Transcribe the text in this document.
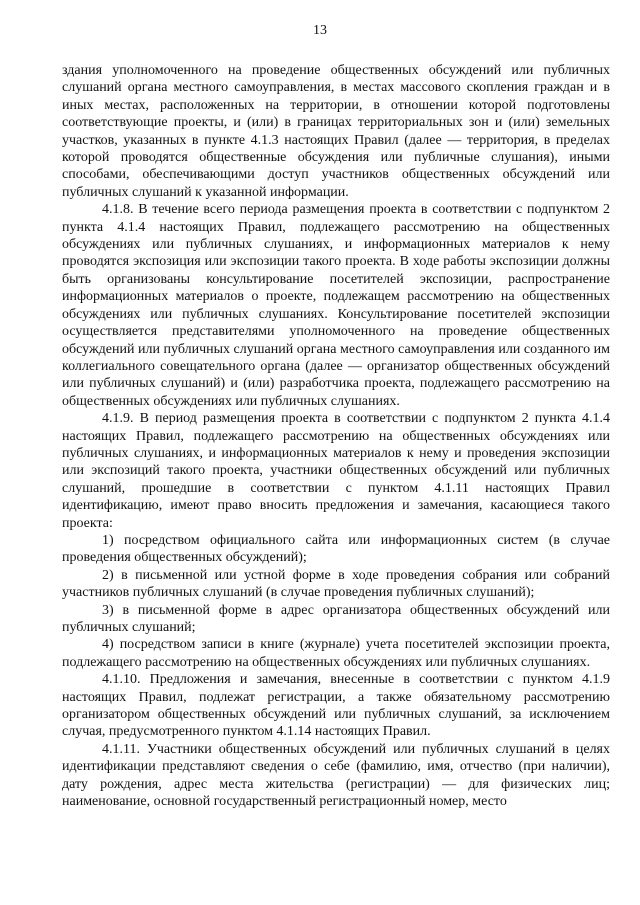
13

здания уполномоченного на проведение общественных обсуждений или публичных слушаний органа местного самоуправления, в местах массового скопления граждан и в иных местах, расположенных на территории, в отношении которой подготовлены соответствующие проекты, и (или) в границах территориальных зон и (или) земельных участков, указанных в пункте 4.1.3 настоящих Правил (далее — территория, в пределах которой проводятся общественные обсуждения или публичные слушания), иными способами, обеспечивающими доступ участников общественных обсуждений или публичных слушаний к указанной информации.

4.1.8. В течение всего периода размещения проекта в соответствии с подпунктом 2 пункта 4.1.4 настоящих Правил, подлежащего рассмотрению на общественных обсуждениях или публичных слушаниях, и информационных материалов к нему проводятся экспозиция или экспозиции такого проекта. В ходе работы экспозиции должны быть организованы консультирование посетителей экспозиции, распространение информационных материалов о проекте, подлежащем рассмотрению на общественных обсуждениях или публичных слушаниях. Консультирование посетителей экспозиции осуществляется представителями уполномоченного на проведение общественных обсуждений или публичных слушаний органа местного самоуправления или созданного им коллегиального совещательного органа (далее — организатор общественных обсуждений или публичных слушаний) и (или) разработчика проекта, подлежащего рассмотрению на общественных обсуждениях или публичных слушаниях.

4.1.9. В период размещения проекта в соответствии с подпунктом 2 пункта 4.1.4 настоящих Правил, подлежащего рассмотрению на общественных обсуждениях или публичных слушаниях, и информационных материалов к нему и проведения экспозиции или экспозиций такого проекта, участники общественных обсуждений или публичных слушаний, прошедшие в соответствии с пунктом 4.1.11 настоящих Правил идентификацию, имеют право вносить предложения и замечания, касающиеся такого проекта:

1) посредством официального сайта или информационных систем (в случае проведения общественных обсуждений);

2) в письменной или устной форме в ходе проведения собрания или собраний участников публичных слушаний (в случае проведения публичных слушаний);

3) в письменной форме в адрес организатора общественных обсуждений или публичных слушаний;

4) посредством записи в книге (журнале) учета посетителей экспозиции проекта, подлежащего рассмотрению на общественных обсуждениях или публичных слушаниях.

4.1.10. Предложения и замечания, внесенные в соответствии с пунктом 4.1.9 настоящих Правил, подлежат регистрации, а также обязательному рассмотрению организатором общественных обсуждений или публичных слушаний, за исключением случая, предусмотренного пунктом 4.1.14 настоящих Правил.

4.1.11. Участники общественных обсуждений или публичных слушаний в целях идентификации представляют сведения о себе (фамилию, имя, отчество (при наличии), дату рождения, адрес места жительства (регистрации) — для физических лиц; наименование, основной государственный регистрационный номер, место
